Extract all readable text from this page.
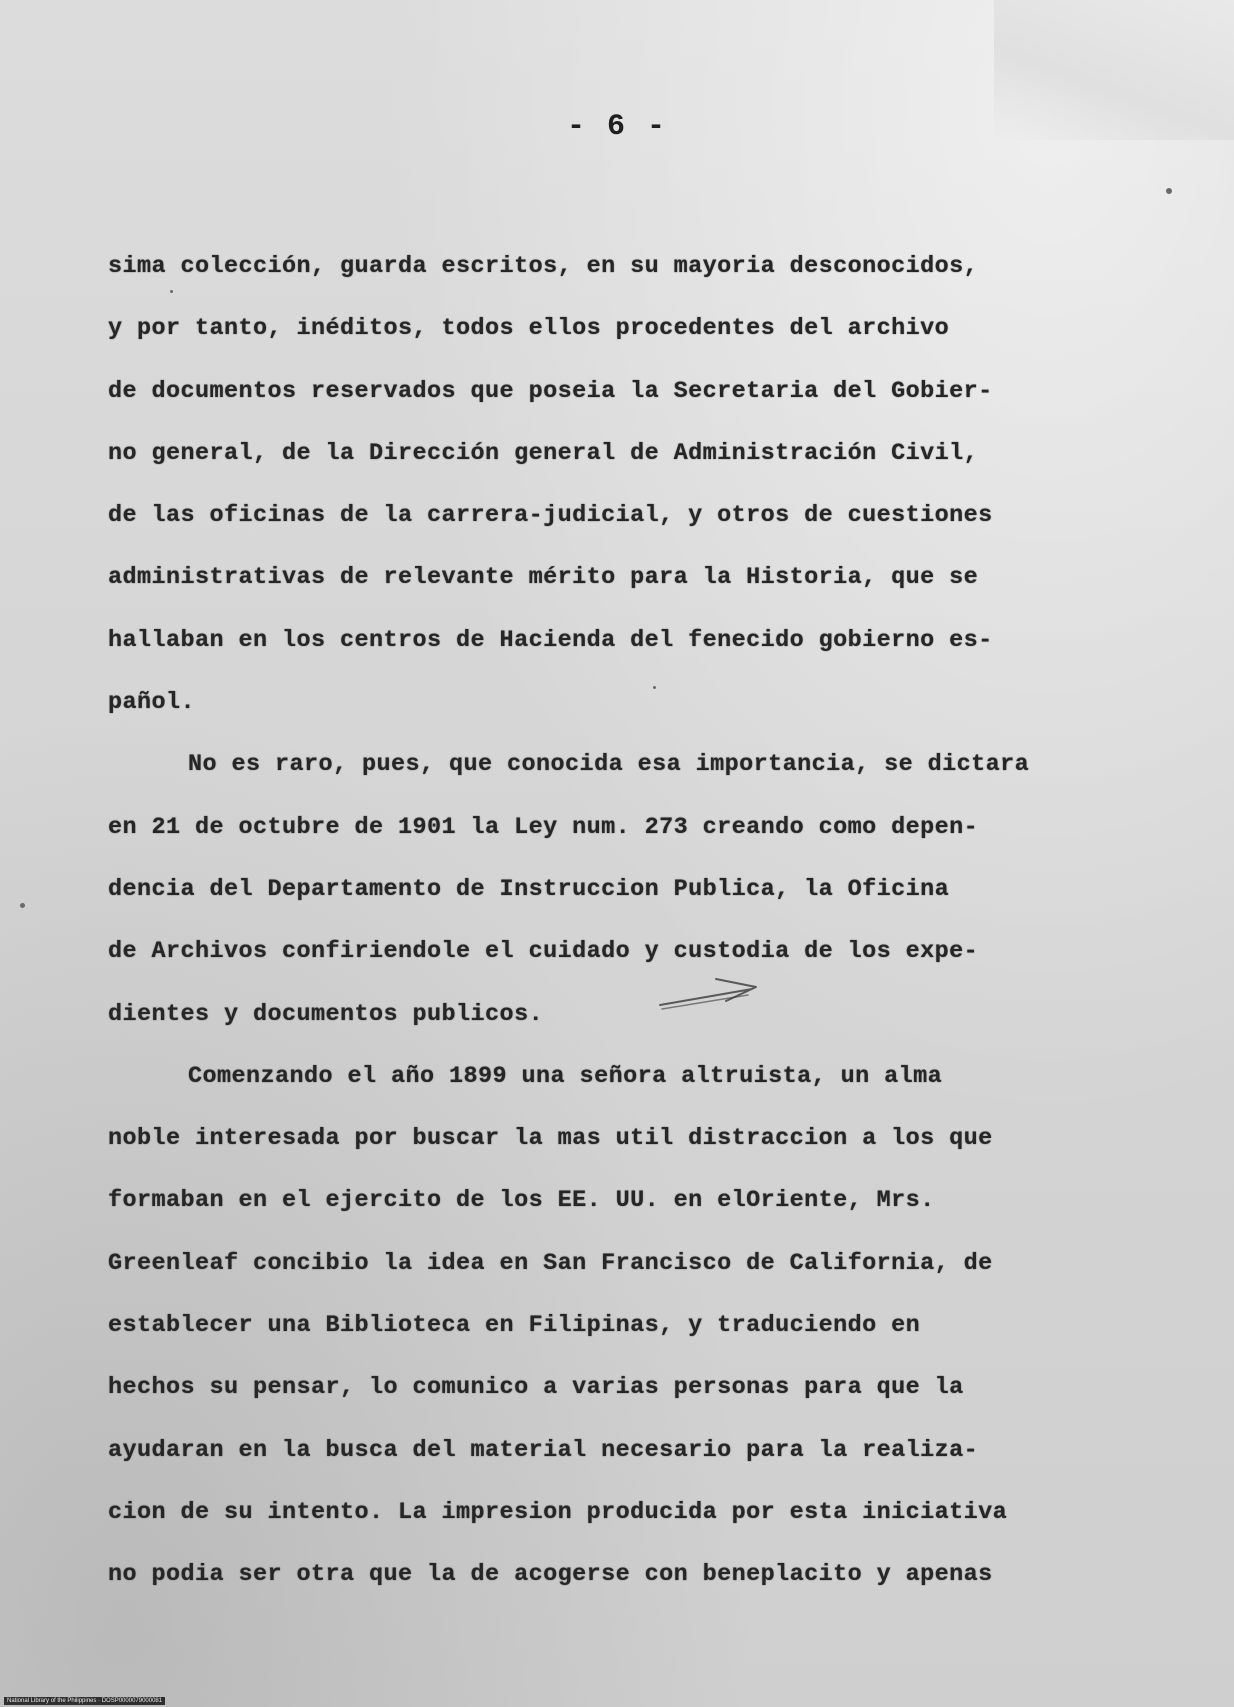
- 6 -
sima colección, guarda escritos, en su mayoria desconocidos,
y por tanto, inéditos, todos ellos procedentes del archivo
de documentos reservados que poseia la Secretaria del Gobier-
no general, de la Dirección general de Administración Civil,
de las oficinas de la carrera-judicial, y otros de cuestiones
administrativas de relevante mérito para la Historia, que se
hallaban en los centros de Hacienda del fenecido gobierno es-
pañol.
No es raro, pues, que conocida esa importancia, se dictara
en 21 de octubre de 1901 la Ley num. 273 creando como depen-
dencia del Departamento de Instruccion Publica, la Oficina
de Archivos confiriendole el cuidado y custodia de los expe-
dientes y documentos publicos.
Comenzando el año 1899 una señora altruista, un alma
noble interesada por buscar la mas util distraccion a los que
formaban en el ejercito de los EE. UU. en elOriente, Mrs.
Greenleaf concibio la idea en San Francisco de California, de
establecer una Biblioteca en Filipinas, y traduciendo en
hechos su pensar, lo comunico a varias personas para que la
ayudaran en la busca del material necesario para la realiza-
cion de su intento. La impresion producida por esta iniciativa
no podia ser otra que la de acogerse con beneplacito y apenas
National Library of the Philippines · DOSP0000079000081
